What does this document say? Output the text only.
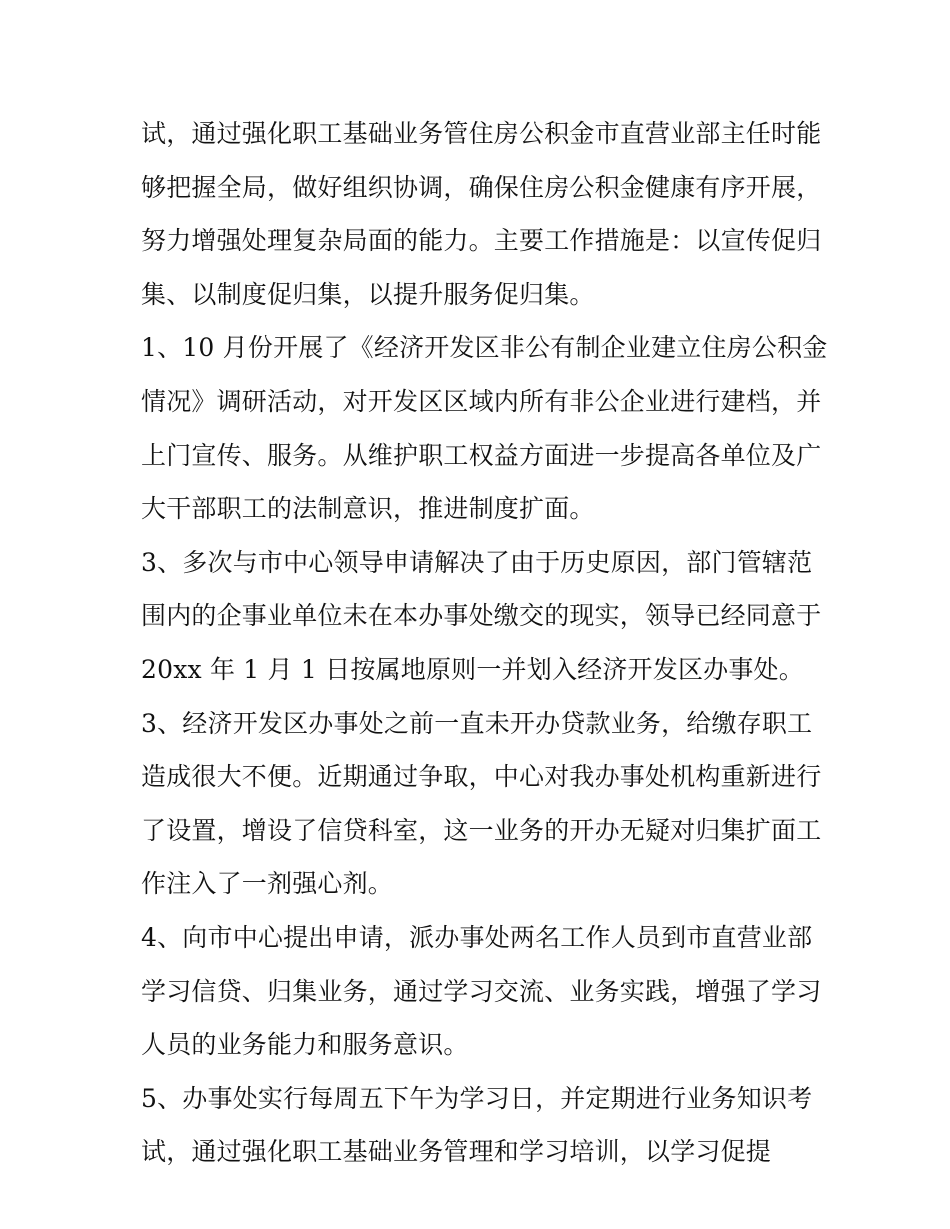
试，通过强化职工基础业务管住房公积金市直营业部主任时能
够把握全局，做好组织协调，确保住房公积金健康有序开展，
努力增强处理复杂局面的能力。主要工作措施是：以宣传促归
集、以制度促归集，以提升服务促归集。
1、10 月份开展了《经济开发区非公有制企业建立住房公积金
情况》调研活动，对开发区区域内所有非公企业进行建档，并
上门宣传、服务。从维护职工权益方面进一步提高各单位及广
大干部职工的法制意识，推进制度扩面。
3、多次与市中心领导申请解决了由于历史原因，部门管辖范
围内的企事业单位未在本办事处缴交的现实，领导已经同意于
20xx 年 1 月 1 日按属地原则一并划入经济开发区办事处。
3、经济开发区办事处之前一直未开办贷款业务，给缴存职工
造成很大不便。近期通过争取，中心对我办事处机构重新进行
了设置，增设了信贷科室，这一业务的开办无疑对归集扩面工
作注入了一剂强心剂。
4、向市中心提出申请，派办事处两名工作人员到市直营业部
学习信贷、归集业务，通过学习交流、业务实践，增强了学习
人员的业务能力和服务意识。
5、办事处实行每周五下午为学习日，并定期进行业务知识考
试，通过强化职工基础业务管理和学习培训，以学习促提
